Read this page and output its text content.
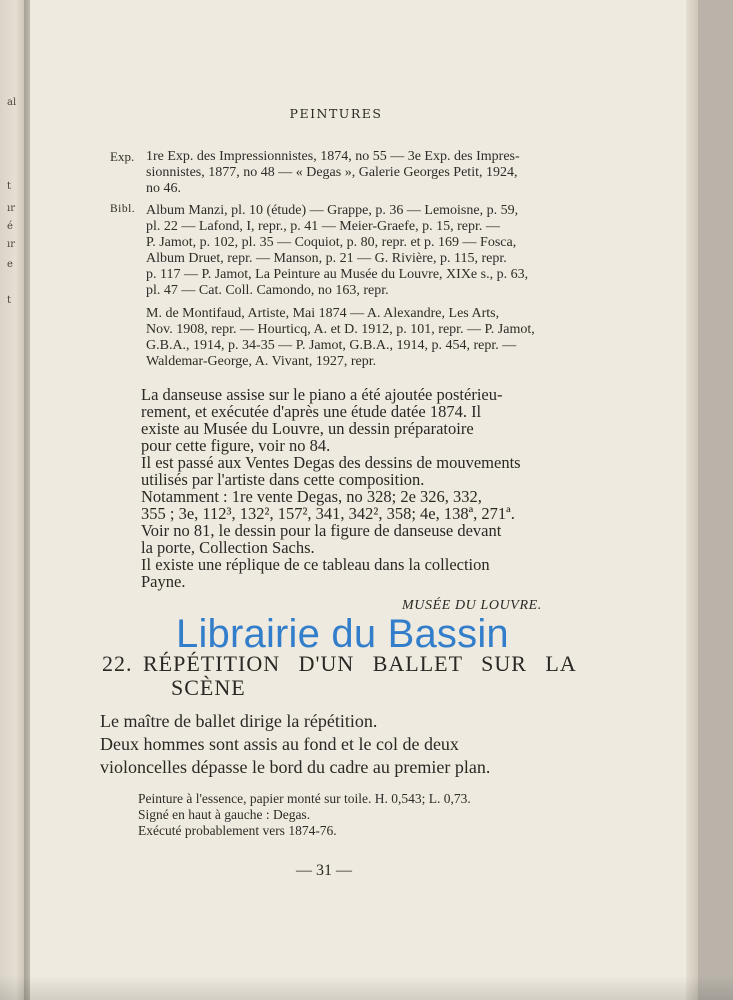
al
t
ır
é
ır
e
t
PEINTURES
Exp. 1re Exp. des Impressionnistes, 1874, no 55 — 3e Exp. des Impres-
sionnistes, 1877, no 48 — « Degas », Galerie Georges Petit, 1924,
no 46.
Bibl. Album Manzi, pl. 10 (étude) — Grappe, p. 36 — Lemoisne, p. 59,
pl. 22 — Lafond, I, repr., p. 41 — Meier-Graefe, p. 15, repr. —
P. Jamot, p. 102, pl. 35 — Coquiot, p. 80, repr. et p. 169 — Fosca,
Album Druet, repr. — Manson, p. 21 — G. Rivière, p. 115, repr.
p. 117 — P. Jamot, La Peinture au Musée du Louvre, XIXe s., p. 63,
pl. 47 — Cat. Coll. Camondo, no 163, repr.
M. de Montifaud, Artiste, Mai 1874 — A. Alexandre, Les Arts,
Nov. 1908, repr. — Hourticq, A. et D. 1912, p. 101, repr. — P. Jamot,
G.B.A., 1914, p. 34-35 — P. Jamot, G.B.A., 1914, p. 454, repr. —
Waldemar-George, A. Vivant, 1927, repr.
La danseuse assise sur le piano a été ajoutée postérieu-
rement, et exécutée d'après une étude datée 1874. Il
existe au Musée du Louvre, un dessin préparatoire
pour cette figure, voir no 84.
Il est passé aux Ventes Degas des dessins de mouvements
utilisés par l'artiste dans cette composition.
Notamment : 1re vente Degas, no 328; 2e 326, 332,
355 ; 3e, 112³, 132², 157², 341, 342², 358; 4e, 138ª, 271ª.
Voir no 81, le dessin pour la figure de danseuse devant
la porte, Collection Sachs.
Il existe une réplique de ce tableau dans la collection
Payne.
MUSÉE DU LOUVRE.
22. RÉPÉTITION D'UN BALLET SUR LA
SCÈNE
Le maître de ballet dirige la répétition.
Deux hommes sont assis au fond et le col de deux
violoncelles dépasse le bord du cadre au premier plan.
Peinture à l'essence, papier monté sur toile. H. 0,543; L. 0,73.
Signé en haut à gauche : Degas.
Exécuté probablement vers 1874-76.
— 31 —
Librairie du Bassin
